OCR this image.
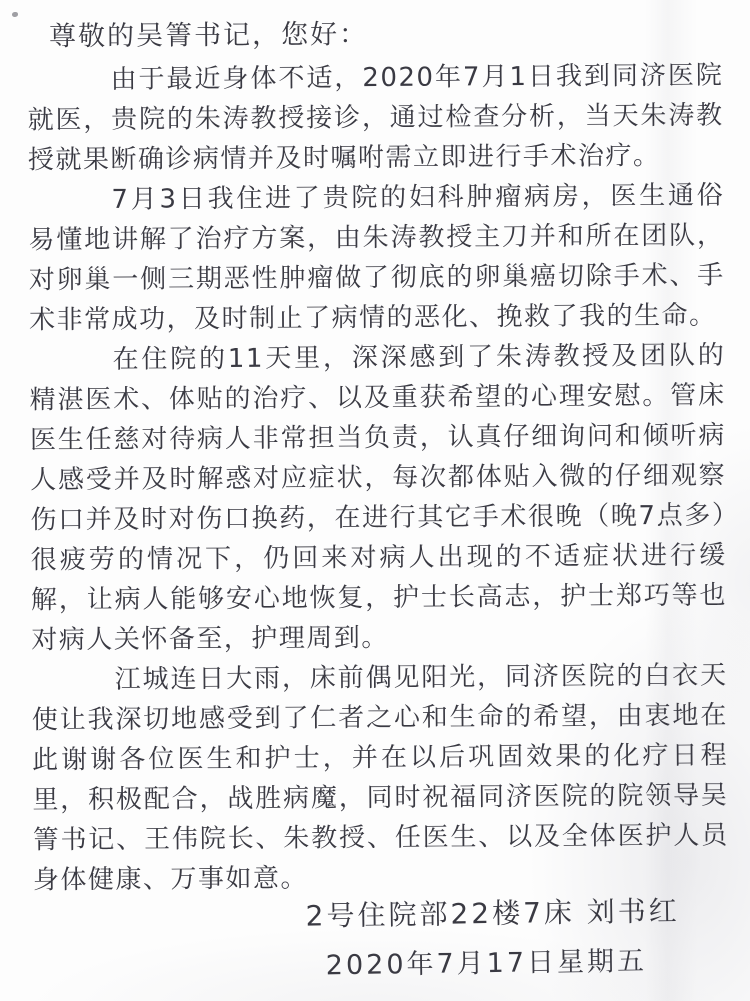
尊敬的吴箐书记，您好：

由于最近身体不适，2020年7月1日我到同济医院就医，贵院的朱涛教授接诊，通过检查分析，当天朱涛教授就果断确诊病情并及时嘱咐需立即进行手术治疗。

7月3日我住进了贵院的妇科肿瘤病房，医生通俗易懂地讲解了治疗方案，由朱涛教授主刀并和所在团队，对卵巢一侧三期恶性肿瘤做了彻底的卵巢癌切除手术、手术非常成功，及时制止了病情的恶化、挽救了我的生命。

在住院的11天里，深深感到了朱涛教授及团队的精湛医术、体贴的治疗、以及重获希望的心理安慰。管床医生任慈对待病人非常担当负责，认真仔细询问和倾听病人感受并及时解惑对应症状，每次都体贴入微的仔细观察伤口并及时对伤口换药，在进行其它手术很晚（晚7点多）很疲劳的情况下，仍回来对病人出现的不适症状进行缓解，让病人能够安心地恢复，护士长高志，护士郑巧等也对病人关怀备至，护理周到。

江城连日大雨，床前偶见阳光，同济医院的白衣天使让我深切地感受到了仁者之心和生命的希望，由衷地在此谢谢各位医生和护士，并在以后巩固效果的化疗日程里，积极配合，战胜病魔，同时祝福同济医院的院领导吴箐书记、王伟院长、朱教授、任医生、以及全体医护人员身体健康、万事如意。

2号住院部22楼7床 刘书红
2020年7月17日星期五
